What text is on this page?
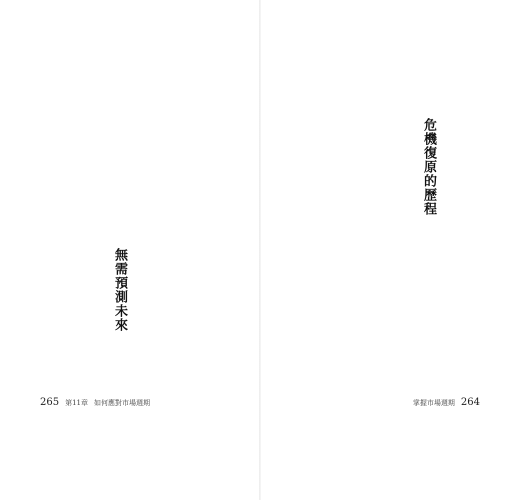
無需預測未來
265 第11章 如何應對市場週期
危機復原的歷程
掌握市場週期 264
